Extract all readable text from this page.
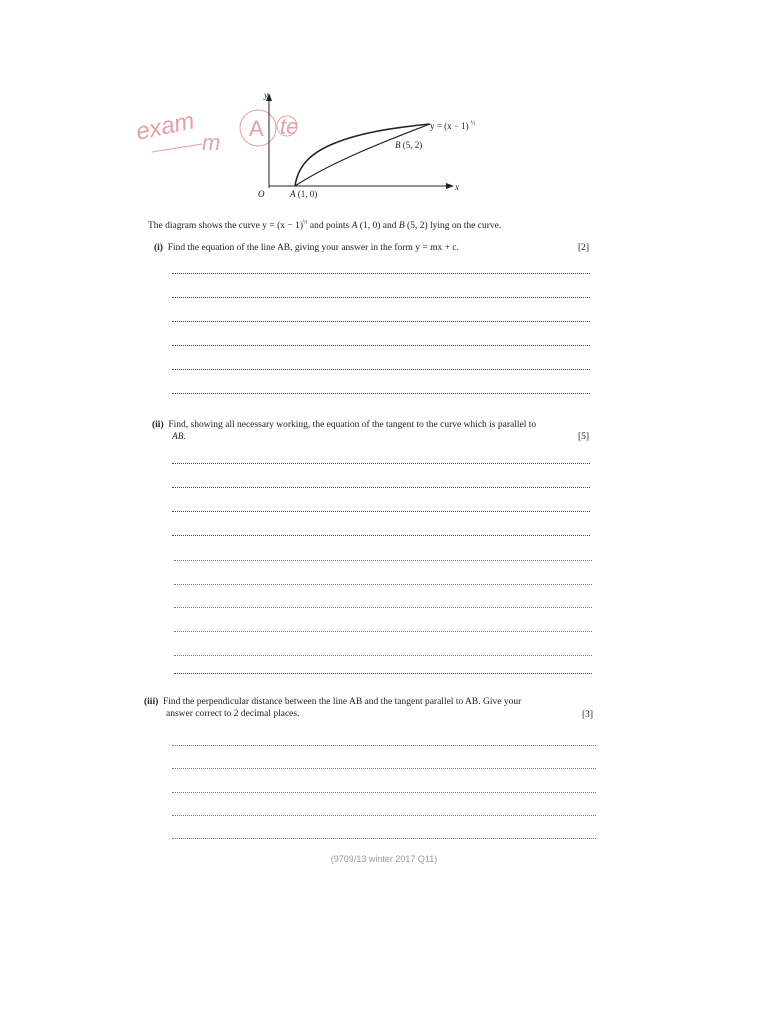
exam m
A te
y
x
O
y = (x − 1) $^{\frac{1}{2}}$
B (5, 2)
A (1, 0)
The diagram shows the curve $y = (x - 1)^{\frac{1}{2}}$ and points A (1, 0) and B (5, 2) lying on the curve.
(i) Find the equation of the line AB, giving your answer in the form y = mx + c.	[2]
(ii) Find, showing all necessary working, the equation of the tangent to the curve which is parallel to
AB.	[5]
(iii) Find the perpendicular distance between the line AB and the tangent parallel to AB. Give your
answer correct to 2 decimal places.	[3]
(9709/13 winter 2017 Q11)
